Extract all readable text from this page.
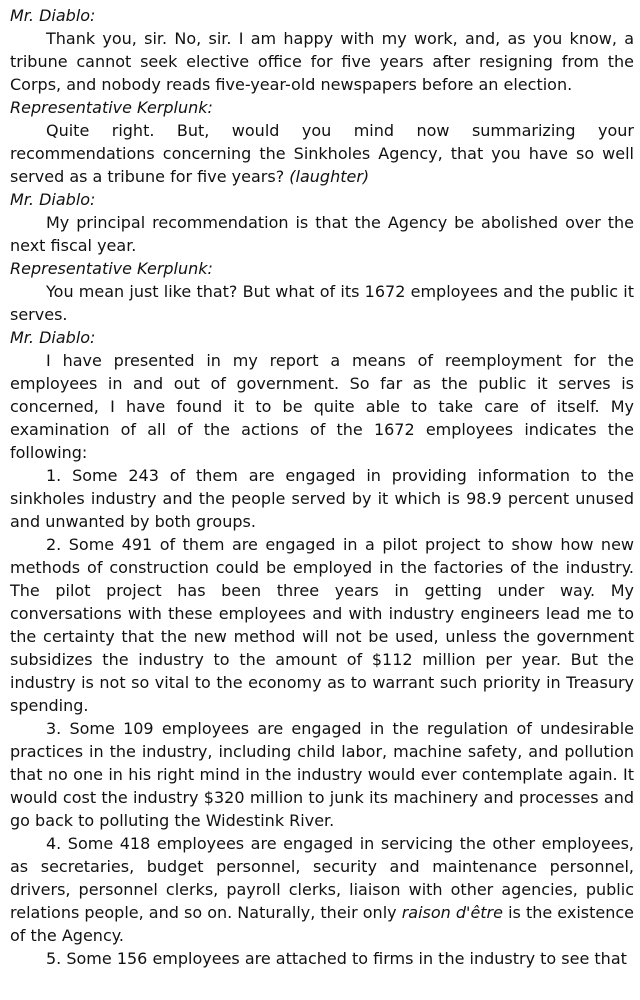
Mr. Diablo:

Thank you, sir. No, sir. I am happy with my work, and, as you know, a tribune cannot seek elective office for five years after resigning from the Corps, and nobody reads five-year-old newspapers before an election.

Representative Kerplunk:

Quite right. But, would you mind now summarizing your recommendations concerning the Sinkholes Agency, that you have so well served as a tribune for five years? (laughter)

Mr. Diablo:

My principal recommendation is that the Agency be abolished over the next fiscal year.

Representative Kerplunk:

You mean just like that? But what of its 1672 employees and the public it serves.

Mr. Diablo:

I have presented in my report a means of reemployment for the employees in and out of government. So far as the public it serves is concerned, I have found it to be quite able to take care of itself. My examination of all of the actions of the 1672 employees indicates the following:

1. Some 243 of them are engaged in providing information to the sinkholes industry and the people served by it which is 98.9 percent unused and unwanted by both groups.

2. Some 491 of them are engaged in a pilot project to show how new methods of construction could be employed in the factories of the industry. The pilot project has been three years in getting under way. My conversations with these employees and with industry engineers lead me to the certainty that the new method will not be used, unless the government subsidizes the industry to the amount of $112 million per year. But the industry is not so vital to the economy as to warrant such priority in Treasury spending.

3. Some 109 employees are engaged in the regulation of undesirable practices in the industry, including child labor, machine safety, and pollution that no one in his right mind in the industry would ever contemplate again. It would cost the industry $320 million to junk its machinery and processes and go back to polluting the Widestink River.

4. Some 418 employees are engaged in servicing the other employees, as secretaries, budget personnel, security and maintenance personnel, drivers, personnel clerks, payroll clerks, liaison with other agencies, public relations people, and so on. Naturally, their only raison d'être is the existence of the Agency.

5. Some 156 employees are attached to firms in the industry to see that
